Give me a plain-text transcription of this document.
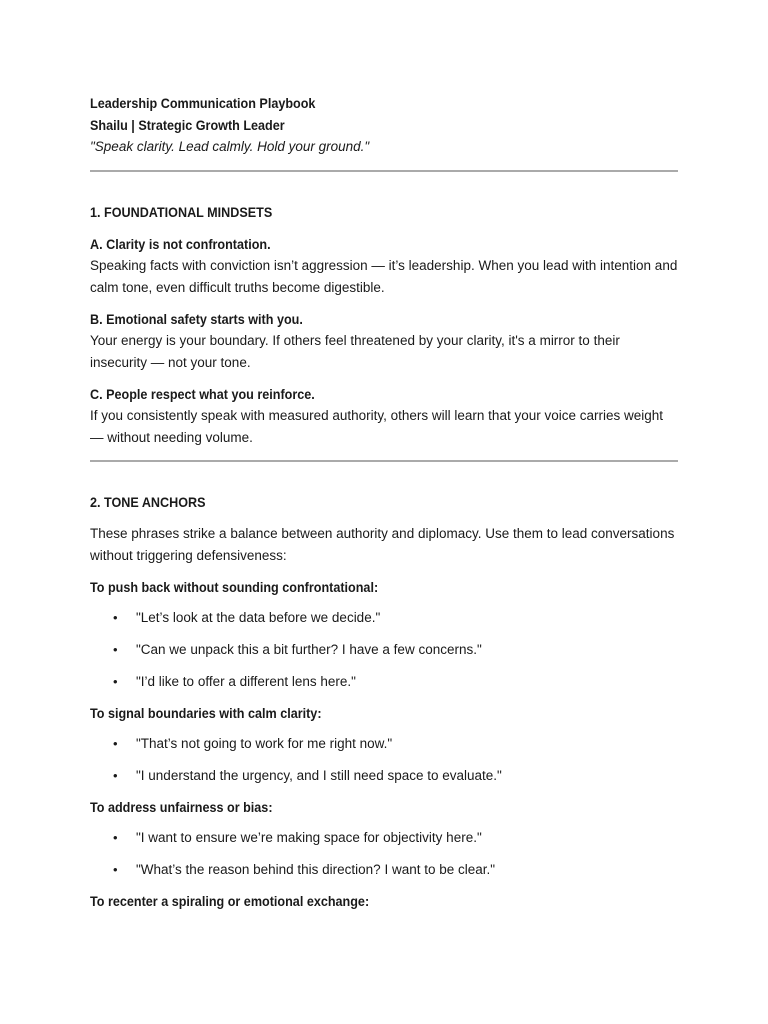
Leadership Communication Playbook
Shailu | Strategic Growth Leader
"Speak clarity. Lead calmly. Hold your ground."
1. FOUNDATIONAL MINDSETS
A. Clarity is not confrontation.
Speaking facts with conviction isn’t aggression — it’s leadership. When you lead with intention and calm tone, even difficult truths become digestible.
B. Emotional safety starts with you.
Your energy is your boundary. If others feel threatened by your clarity, it's a mirror to their insecurity — not your tone.
C. People respect what you reinforce.
If you consistently speak with measured authority, others will learn that your voice carries weight — without needing volume.
2. TONE ANCHORS
These phrases strike a balance between authority and diplomacy. Use them to lead conversations without triggering defensiveness:
To push back without sounding confrontational:
• "Let’s look at the data before we decide."
• "Can we unpack this a bit further? I have a few concerns."
• "I’d like to offer a different lens here."
To signal boundaries with calm clarity:
• "That’s not going to work for me right now."
• "I understand the urgency, and I still need space to evaluate."
To address unfairness or bias:
• "I want to ensure we’re making space for objectivity here."
• "What’s the reason behind this direction? I want to be clear."
To recenter a spiraling or emotional exchange:
